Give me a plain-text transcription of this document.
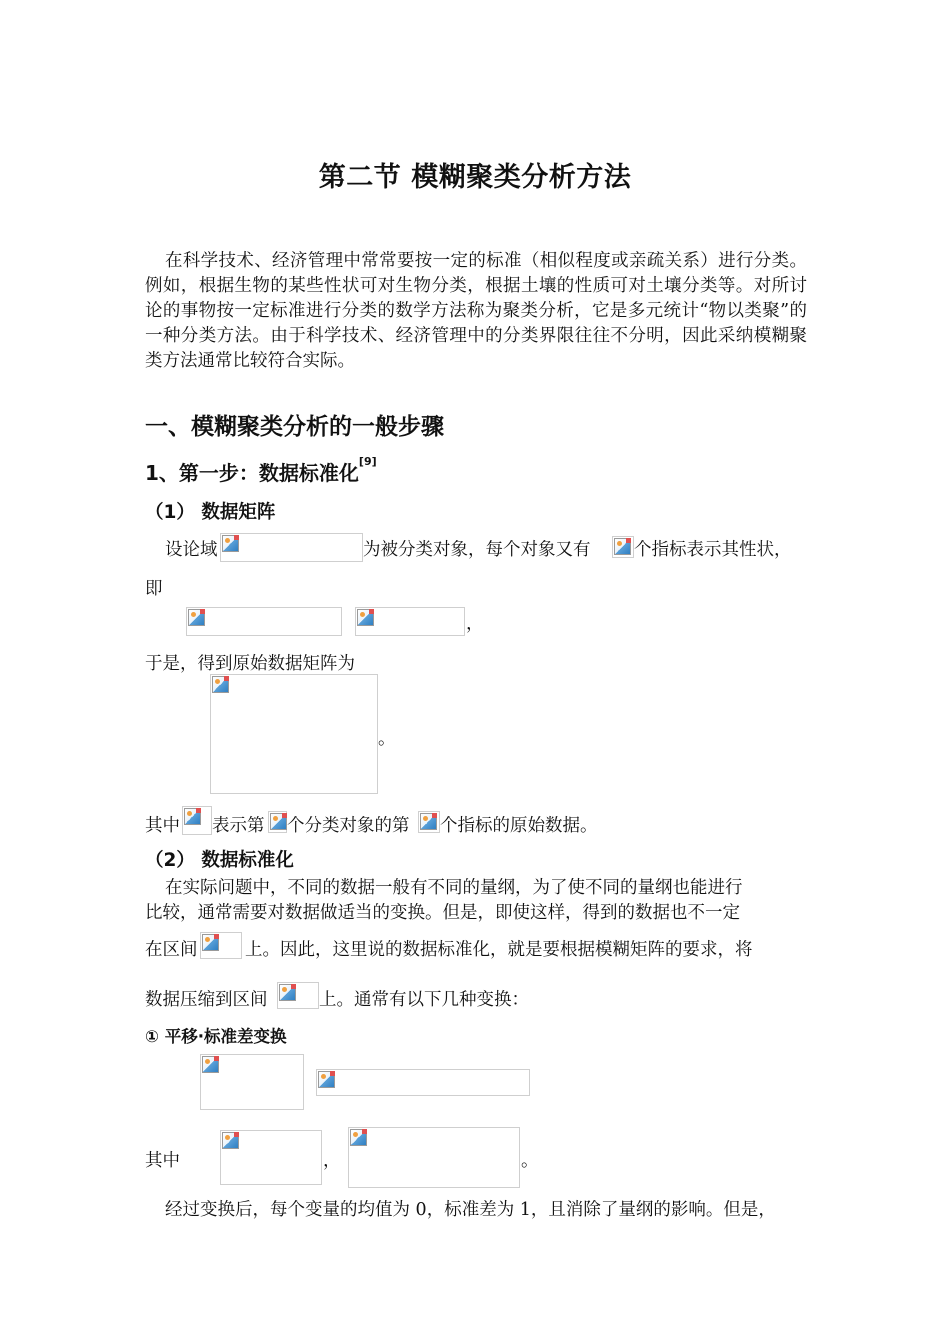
第二节 模糊聚类分析方法

在科学技术、经济管理中常常要按一定的标准（相似程度或亲疏关系）进行分类。例如，根据生物的某些性状可对生物分类，根据土壤的性质可对土壤分类等。对所讨论的事物按一定标准进行分类的数学方法称为聚类分析，它是多元统计“物以类聚”的一种分类方法。由于科学技术、经济管理中的分类界限往往不分明，因此采纳模糊聚类方法通常比较符合实际。

一、模糊聚类分析的一般步骤
1、第一步：数据标准化[9]
（1） 数据矩阵
设论域	为被分类对象，每个对象又有 个指标表示其性状，
即
，
于是，得到原始数据矩阵为
。
其中 表示第 个分类对象的第 个指标的原始数据。
（2） 数据标准化
在实际问题中，不同的数据一般有不同的量纲，为了使不同的量纲也能进行
比较，通常需要对数据做适当的变换。但是，即使这样，得到的数据也不一定
在区间	上。因此，这里说的数据标准化，就是要根据模糊矩阵的要求，将
数据压缩到区间	上。通常有以下几种变换：
① 平移·标准差变换
其中	，	。
经过变换后，每个变量的均值为 0，标准差为 1，且消除了量纲的影响。但是，
